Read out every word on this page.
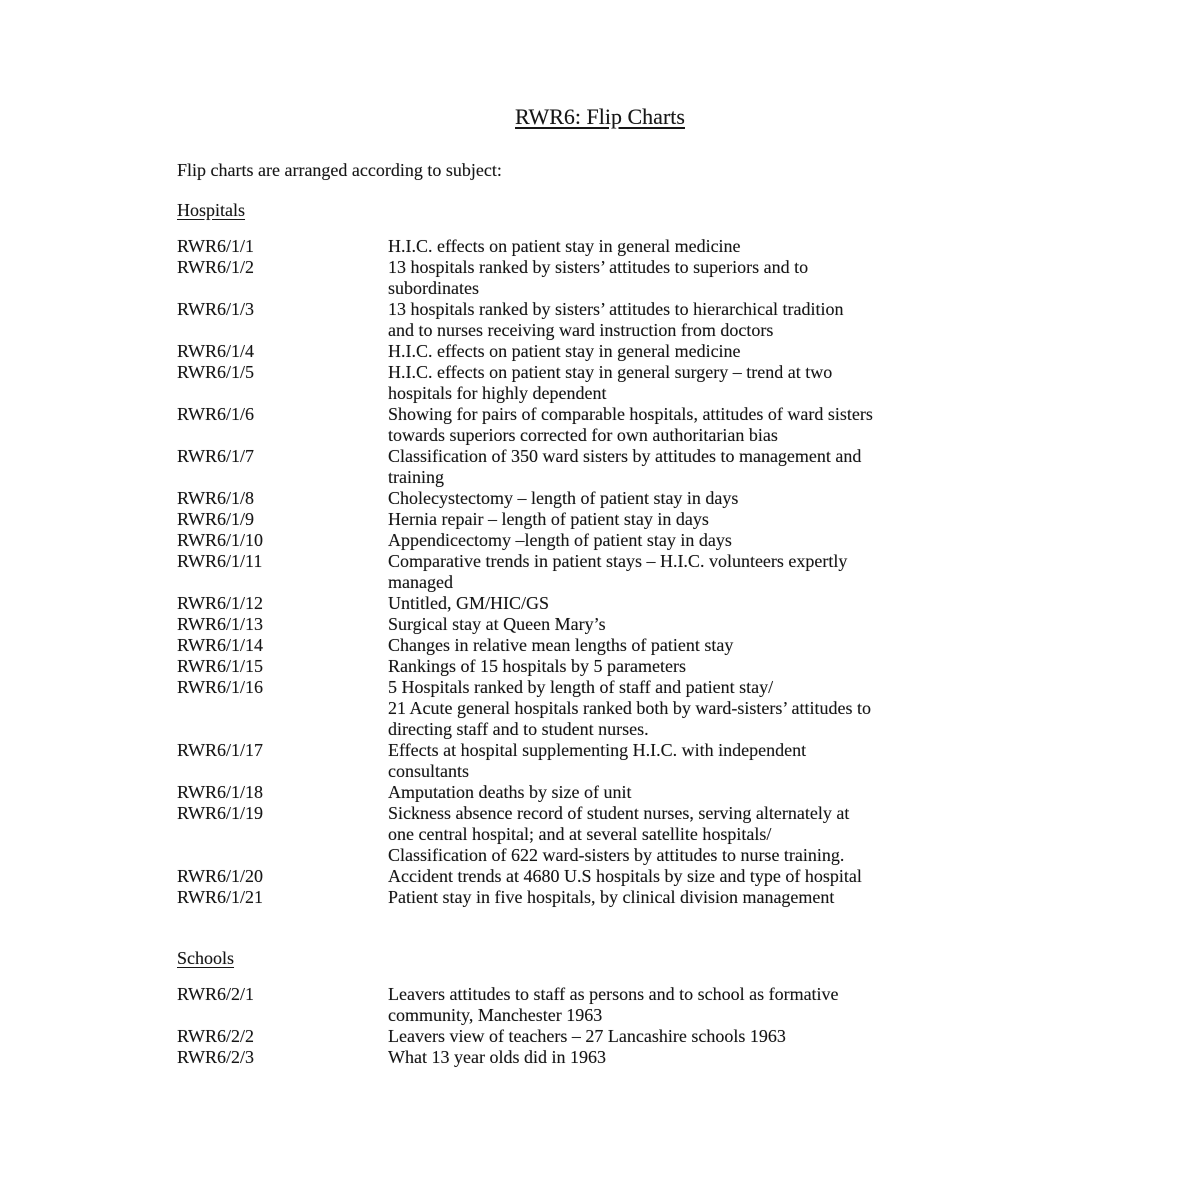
RWR6: Flip Charts

Flip charts are arranged according to subject:

Hospitals
RWR6/1/1	H.I.C. effects on patient stay in general medicine
RWR6/1/2	13 hospitals ranked by sisters’ attitudes to superiors and to
subordinates
RWR6/1/3	13 hospitals ranked by sisters’ attitudes to hierarchical tradition
and to nurses receiving ward instruction from doctors
RWR6/1/4	H.I.C. effects on patient stay in general medicine
RWR6/1/5	H.I.C. effects on patient stay in general surgery – trend at two
hospitals for highly dependent
RWR6/1/6	Showing for pairs of comparable hospitals, attitudes of ward sisters
towards superiors corrected for own authoritarian bias
RWR6/1/7	Classification of 350 ward sisters by attitudes to management and
training
RWR6/1/8	Cholecystectomy – length of patient stay in days
RWR6/1/9	Hernia repair – length of patient stay in days
RWR6/1/10	Appendicectomy –length of patient stay in days
RWR6/1/11	Comparative trends in patient stays – H.I.C. volunteers expertly
managed
RWR6/1/12	Untitled, GM/HIC/GS
RWR6/1/13	Surgical stay at Queen Mary’s
RWR6/1/14	Changes in relative mean lengths of patient stay
RWR6/1/15	Rankings of 15 hospitals by 5 parameters
RWR6/1/16	5 Hospitals ranked by length of staff and patient stay/
21 Acute general hospitals ranked both by ward-sisters’ attitudes to
directing staff and to student nurses.
RWR6/1/17	Effects at hospital supplementing H.I.C. with independent
consultants
RWR6/1/18	Amputation deaths by size of unit
RWR6/1/19	Sickness absence record of student nurses, serving alternately at
one central hospital; and at several satellite hospitals/
Classification of 622 ward-sisters by attitudes to nurse training.
RWR6/1/20	Accident trends at 4680 U.S hospitals by size and type of hospital
RWR6/1/21	Patient stay in five hospitals, by clinical division management
Schools
RWR6/2/1	Leavers attitudes to staff as persons and to school as formative
community, Manchester 1963
RWR6/2/2	Leavers view of teachers – 27 Lancashire schools 1963
RWR6/2/3	What 13 year olds did in 1963
